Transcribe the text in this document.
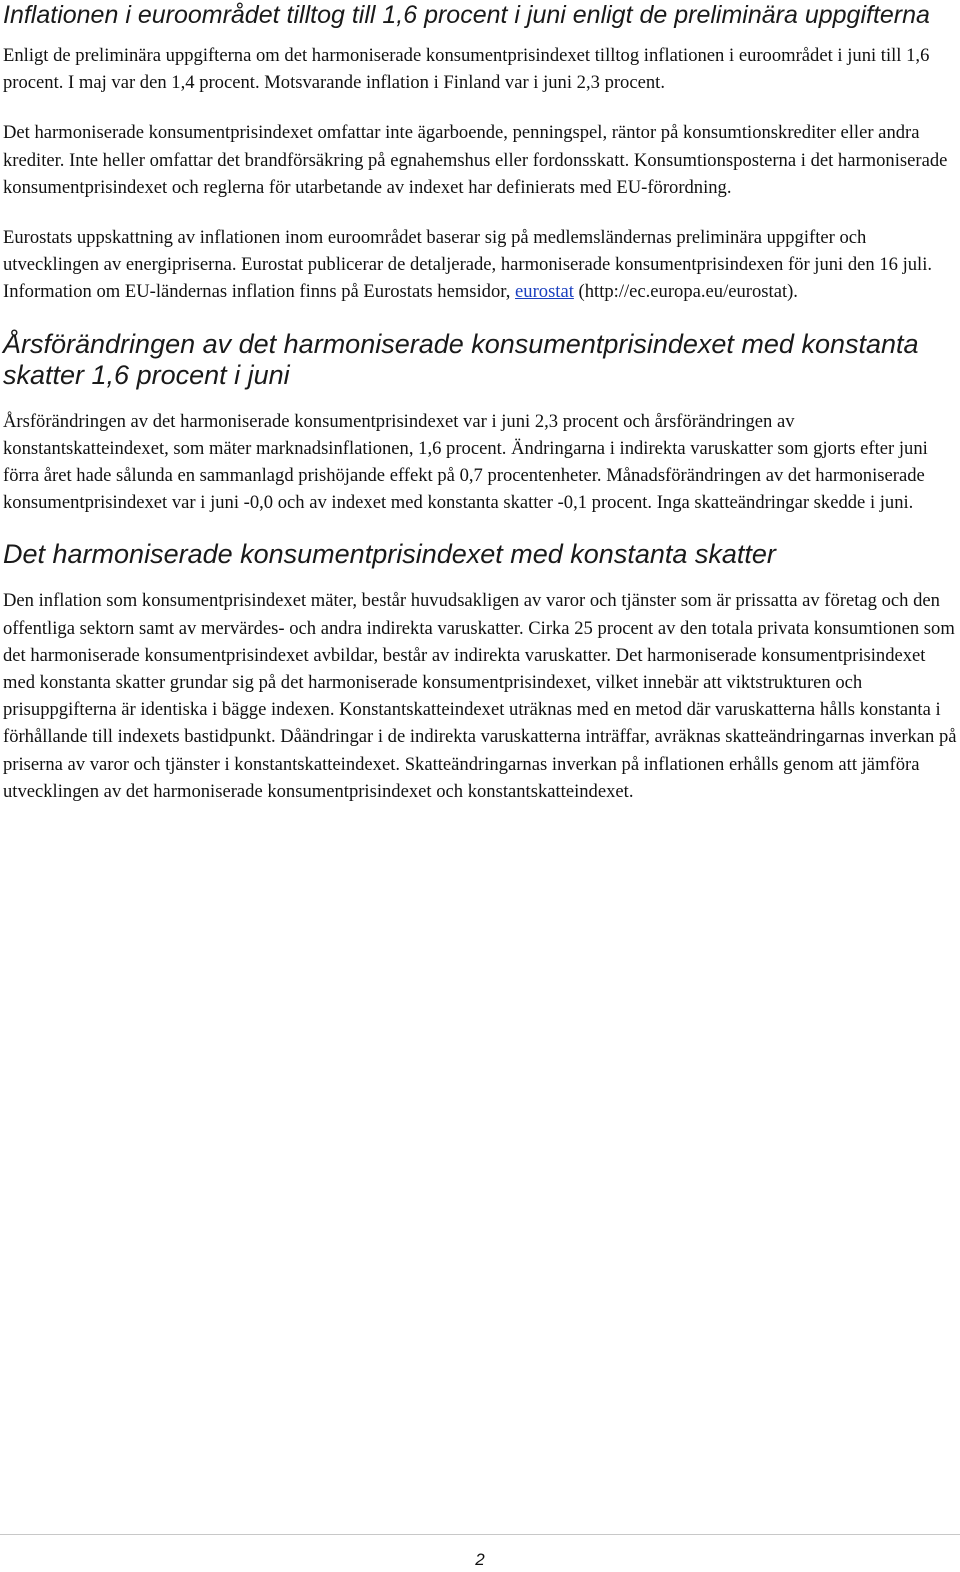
Inflationen i euroområdet tilltog till 1,6 procent i juni enligt de preliminära uppgifterna

Enligt de preliminära uppgifterna om det harmoniserade konsumentprisindexet tilltog inflationen i euroområdet i juni till 1,6 procent. I maj var den 1,4 procent. Motsvarande inflation i Finland var i juni 2,3 procent.

Det harmoniserade konsumentprisindexet omfattar inte ägarboende, penningspel, räntor på konsumtionskrediter eller andra krediter. Inte heller omfattar det brandförsäkring på egnahemshus eller fordonsskatt. Konsumtionsposterna i det harmoniserade konsumentprisindexet och reglerna för utarbetande av indexet har definierats med EU-förordning.

Eurostats uppskattning av inflationen inom euroområdet baserar sig på medlemsländernas preliminära uppgifter och utvecklingen av energipriserna. Eurostat publicerar de detaljerade, harmoniserade konsumentprisindexen för juni den 16 juli. Information om EU-ländernas inflation finns på Eurostats hemsidor, eurostat (http://ec.europa.eu/eurostat).

Årsförändringen av det harmoniserade konsumentprisindexet med konstanta skatter 1,6 procent i juni

Årsförändringen av det harmoniserade konsumentprisindexet var i juni 2,3 procent och årsförändringen av konstantskatteindexet, som mäter marknadsinflationen, 1,6 procent. Ändringarna i indirekta varuskatter som gjorts efter juni förra året hade sålunda en sammanlagd prishöjande effekt på 0,7 procentenheter. Månadsförändringen av det harmoniserade konsumentprisindexet var i juni -0,0 och av indexet med konstanta skatter -0,1 procent. Inga skatteändringar skedde i juni.

Det harmoniserade konsumentprisindexet med konstanta skatter

Den inflation som konsumentprisindexet mäter, består huvudsakligen av varor och tjänster som är prissatta av företag och den offentliga sektorn samt av mervärdes- och andra indirekta varuskatter. Cirka 25 procent av den totala privata konsumtionen som det harmoniserade konsumentprisindexet avbildar, består av indirekta varuskatter. Det harmoniserade konsumentprisindexet med konstanta skatter grundar sig på det harmoniserade konsumentprisindexet, vilket innebär att viktstrukturen och prisuppgifterna är identiska i bägge indexen. Konstantskatteindexet uträknas med en metod där varuskatterna hålls konstanta i förhållande till indexets bastidpunkt. Dåändringar i de indirekta varuskatterna inträffar, avräknas skatteändringarnas inverkan på priserna av varor och tjänster i konstantskatteindexet. Skatteändringarnas inverkan på inflationen erhålls genom att jämföra utvecklingen av det harmoniserade konsumentprisindexet och konstantskatteindexet.

2
